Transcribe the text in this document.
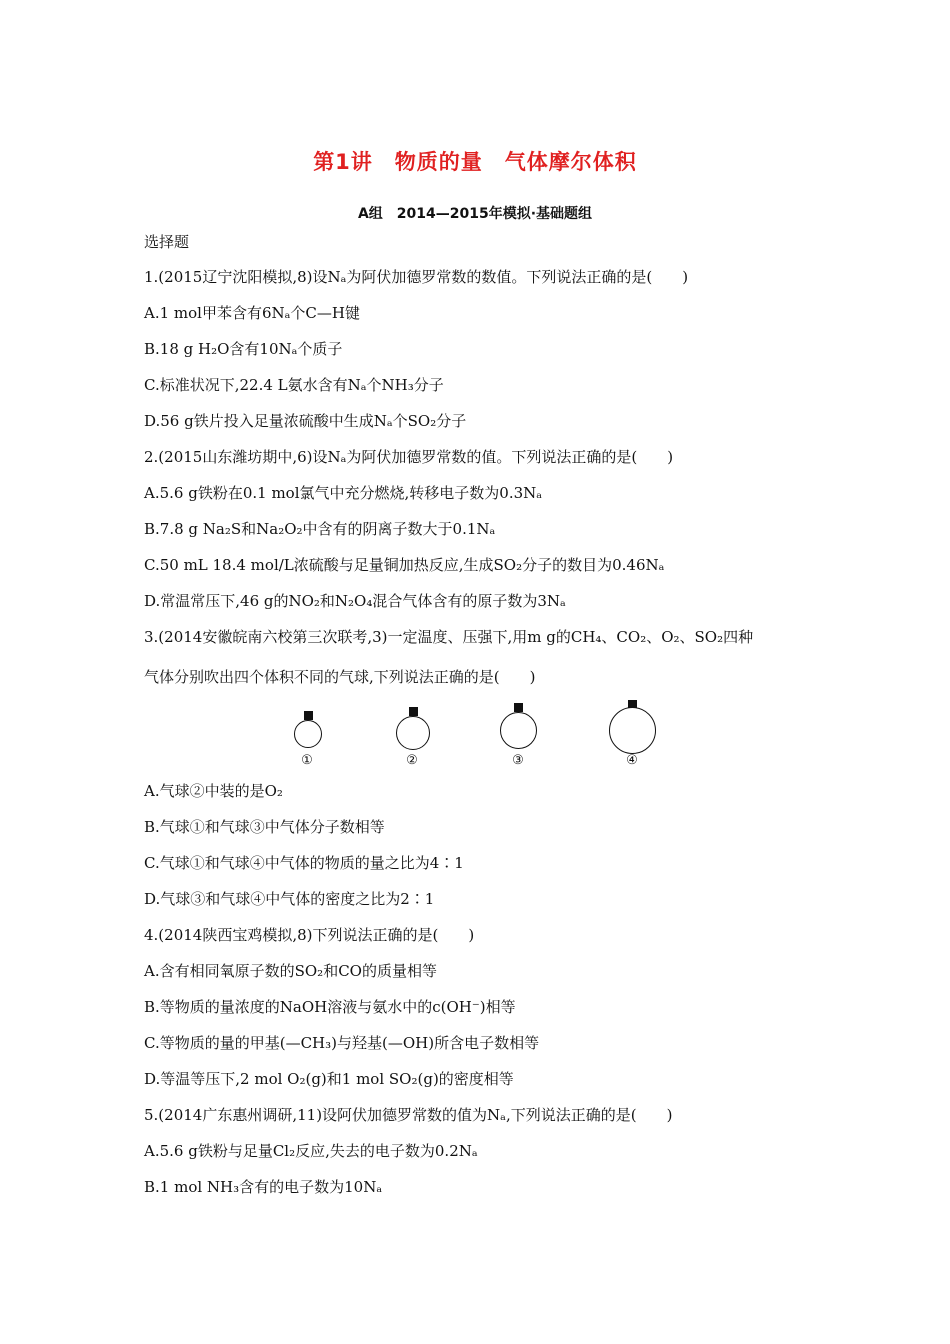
第1讲　物质的量　气体摩尔体积
A组　2014—2015年模拟·基础题组
选择题
1.(2015辽宁沈阳模拟,8)设Nₐ为阿伏加德罗常数的数值。下列说法正确的是(　　)
A.1 mol甲苯含有6Nₐ个C—H键
B.18 g H₂O含有10Nₐ个质子
C.标准状况下,22.4 L氨水含有Nₐ个NH₃分子
D.56 g铁片投入足量浓硫酸中生成Nₐ个SO₂分子
2.(2015山东潍坊期中,6)设Nₐ为阿伏加德罗常数的值。下列说法正确的是(　　)
A.5.6 g铁粉在0.1 mol氯气中充分燃烧,转移电子数为0.3Nₐ
B.7.8 g Na₂S和Na₂O₂中含有的阴离子数大于0.1Nₐ
C.50 mL 18.4 mol/L浓硫酸与足量铜加热反应,生成SO₂分子的数目为0.46Nₐ
D.常温常压下,46 g的NO₂和N₂O₄混合气体含有的原子数为3Nₐ
3.(2014安徽皖南六校第三次联考,3)一定温度、压强下,用m g的CH₄、CO₂、O₂、SO₂四种
气体分别吹出四个体积不同的气球,下列说法正确的是(　　)
①	②	③	④
A.气球②中装的是O₂
B.气球①和气球③中气体分子数相等
C.气球①和气球④中气体的物质的量之比为4∶1
D.气球③和气球④中气体的密度之比为2∶1
4.(2014陕西宝鸡模拟,8)下列说法正确的是(　　)
A.含有相同氧原子数的SO₂和CO的质量相等
B.等物质的量浓度的NaOH溶液与氨水中的c(OH⁻)相等
C.等物质的量的甲基(—CH₃)与羟基(—OH)所含电子数相等
D.等温等压下,2 mol O₂(g)和1 mol SO₂(g)的密度相等
5.(2014广东惠州调研,11)设阿伏加德罗常数的值为Nₐ,下列说法正确的是(　　)
A.5.6 g铁粉与足量Cl₂反应,失去的电子数为0.2Nₐ
B.1 mol NH₃含有的电子数为10Nₐ
